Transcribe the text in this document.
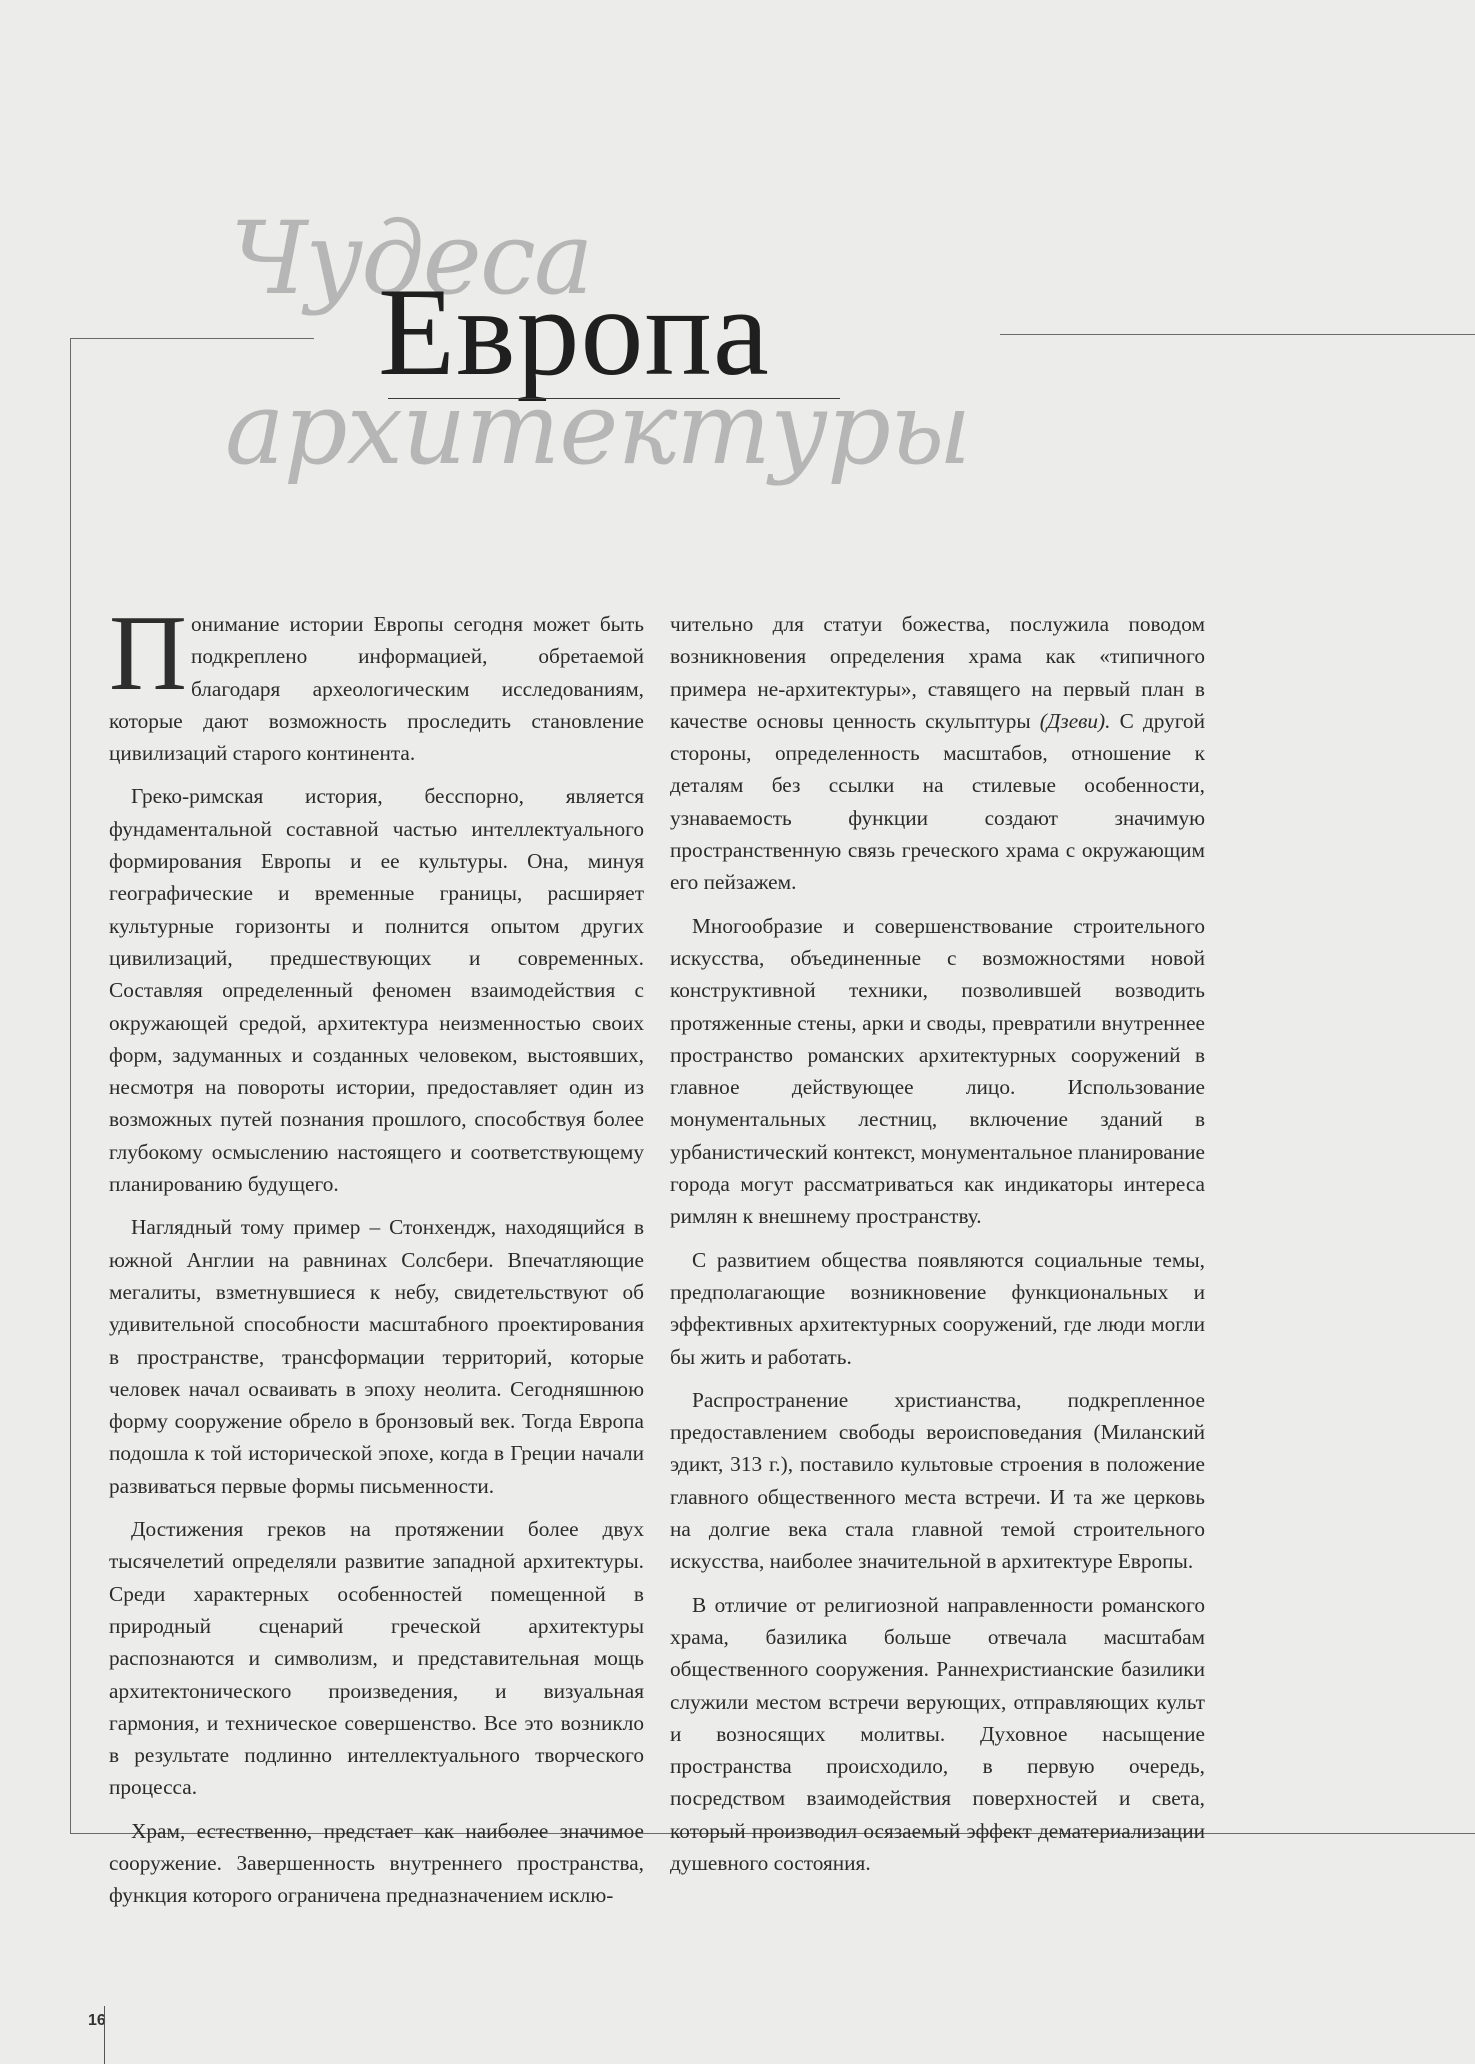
Чудеса
архитектуры
Европа

Понимание истории Европы сегодня может быть подкреплено информацией, обретаемой благодаря археологическим исследованиям, которые дают возможность проследить становление цивилизаций старого континента.

Греко-римская история, бесспорно, является фундаментальной составной частью интеллектуального формирования Европы и ее культуры. Она, минуя географические и временные границы, расширяет культурные горизонты и полнится опытом других цивилизаций, предшествующих и современных. Составляя определенный феномен взаимодействия с окружающей средой, архитектура неизменностью своих форм, задуманных и созданных человеком, выстоявших, несмотря на повороты истории, предоставляет один из возможных путей познания прошлого, способствуя более глубокому осмыслению настоящего и соответствующему планированию будущего.

Наглядный тому пример – Стонхендж, находящийся в южной Англии на равнинах Солсбери. Впечатляющие мегалиты, взметнувшиеся к небу, свидетельствуют об удивительной способности масштабного проектирования в пространстве, трансформации территорий, которые человек начал осваивать в эпоху неолита. Сегодняшнюю форму сооружение обрело в бронзовый век. Тогда Европа подошла к той исторической эпохе, когда в Греции начали развиваться первые формы письменности.

Достижения греков на протяжении более двух тысячелетий определяли развитие западной архитектуры. Среди характерных особенностей помещенной в природный сценарий греческой архитектуры распознаются и символизм, и представительная мощь архитектонического произведения, и визуальная гармония, и техническое совершенство. Все это возникло в результате подлинно интеллектуального творческого процесса.

Храм, естественно, предстает как наиболее значимое сооружение. Завершенность внутреннего пространства, функция которого ограничена предназначением исклю-

чительно для статуи божества, послужила поводом возникновения определения храма как «типичного примера не-архитектуры», ставящего на первый план в качестве основы ценность скульптуры (Дзеви). С другой стороны, определенность масштабов, отношение к деталям без ссылки на стилевые особенности, узнаваемость функции создают значимую пространственную связь греческого храма с окружающим его пейзажем.

Многообразие и совершенствование строительного искусства, объединенные с возможностями новой конструктивной техники, позволившей возводить протяженные стены, арки и своды, превратили внутреннее пространство романских архитектурных сооружений в главное действующее лицо. Использование монументальных лестниц, включение зданий в урбанистический контекст, монументальное планирование города могут рассматриваться как индикаторы интереса римлян к внешнему пространству.

С развитием общества появляются социальные темы, предполагающие возникновение функциональных и эффективных архитектурных сооружений, где люди могли бы жить и работать.

Распространение христианства, подкрепленное предоставлением свободы вероисповедания (Миланский эдикт, 313 г.), поставило культовые строения в положение главного общественного места встречи. И та же церковь на долгие века стала главной темой строительного искусства, наиболее значительной в архитектуре Европы.

В отличие от религиозной направленности романского храма, базилика больше отвечала масштабам общественного сооружения. Раннехристианские базилики служили местом встречи верующих, отправляющих культ и возносящих молитвы. Духовное насыщение пространства происходило, в первую очередь, посредством взаимодействия поверхностей и света, который производил осязаемый эффект дематериализации душевного состояния.

16
